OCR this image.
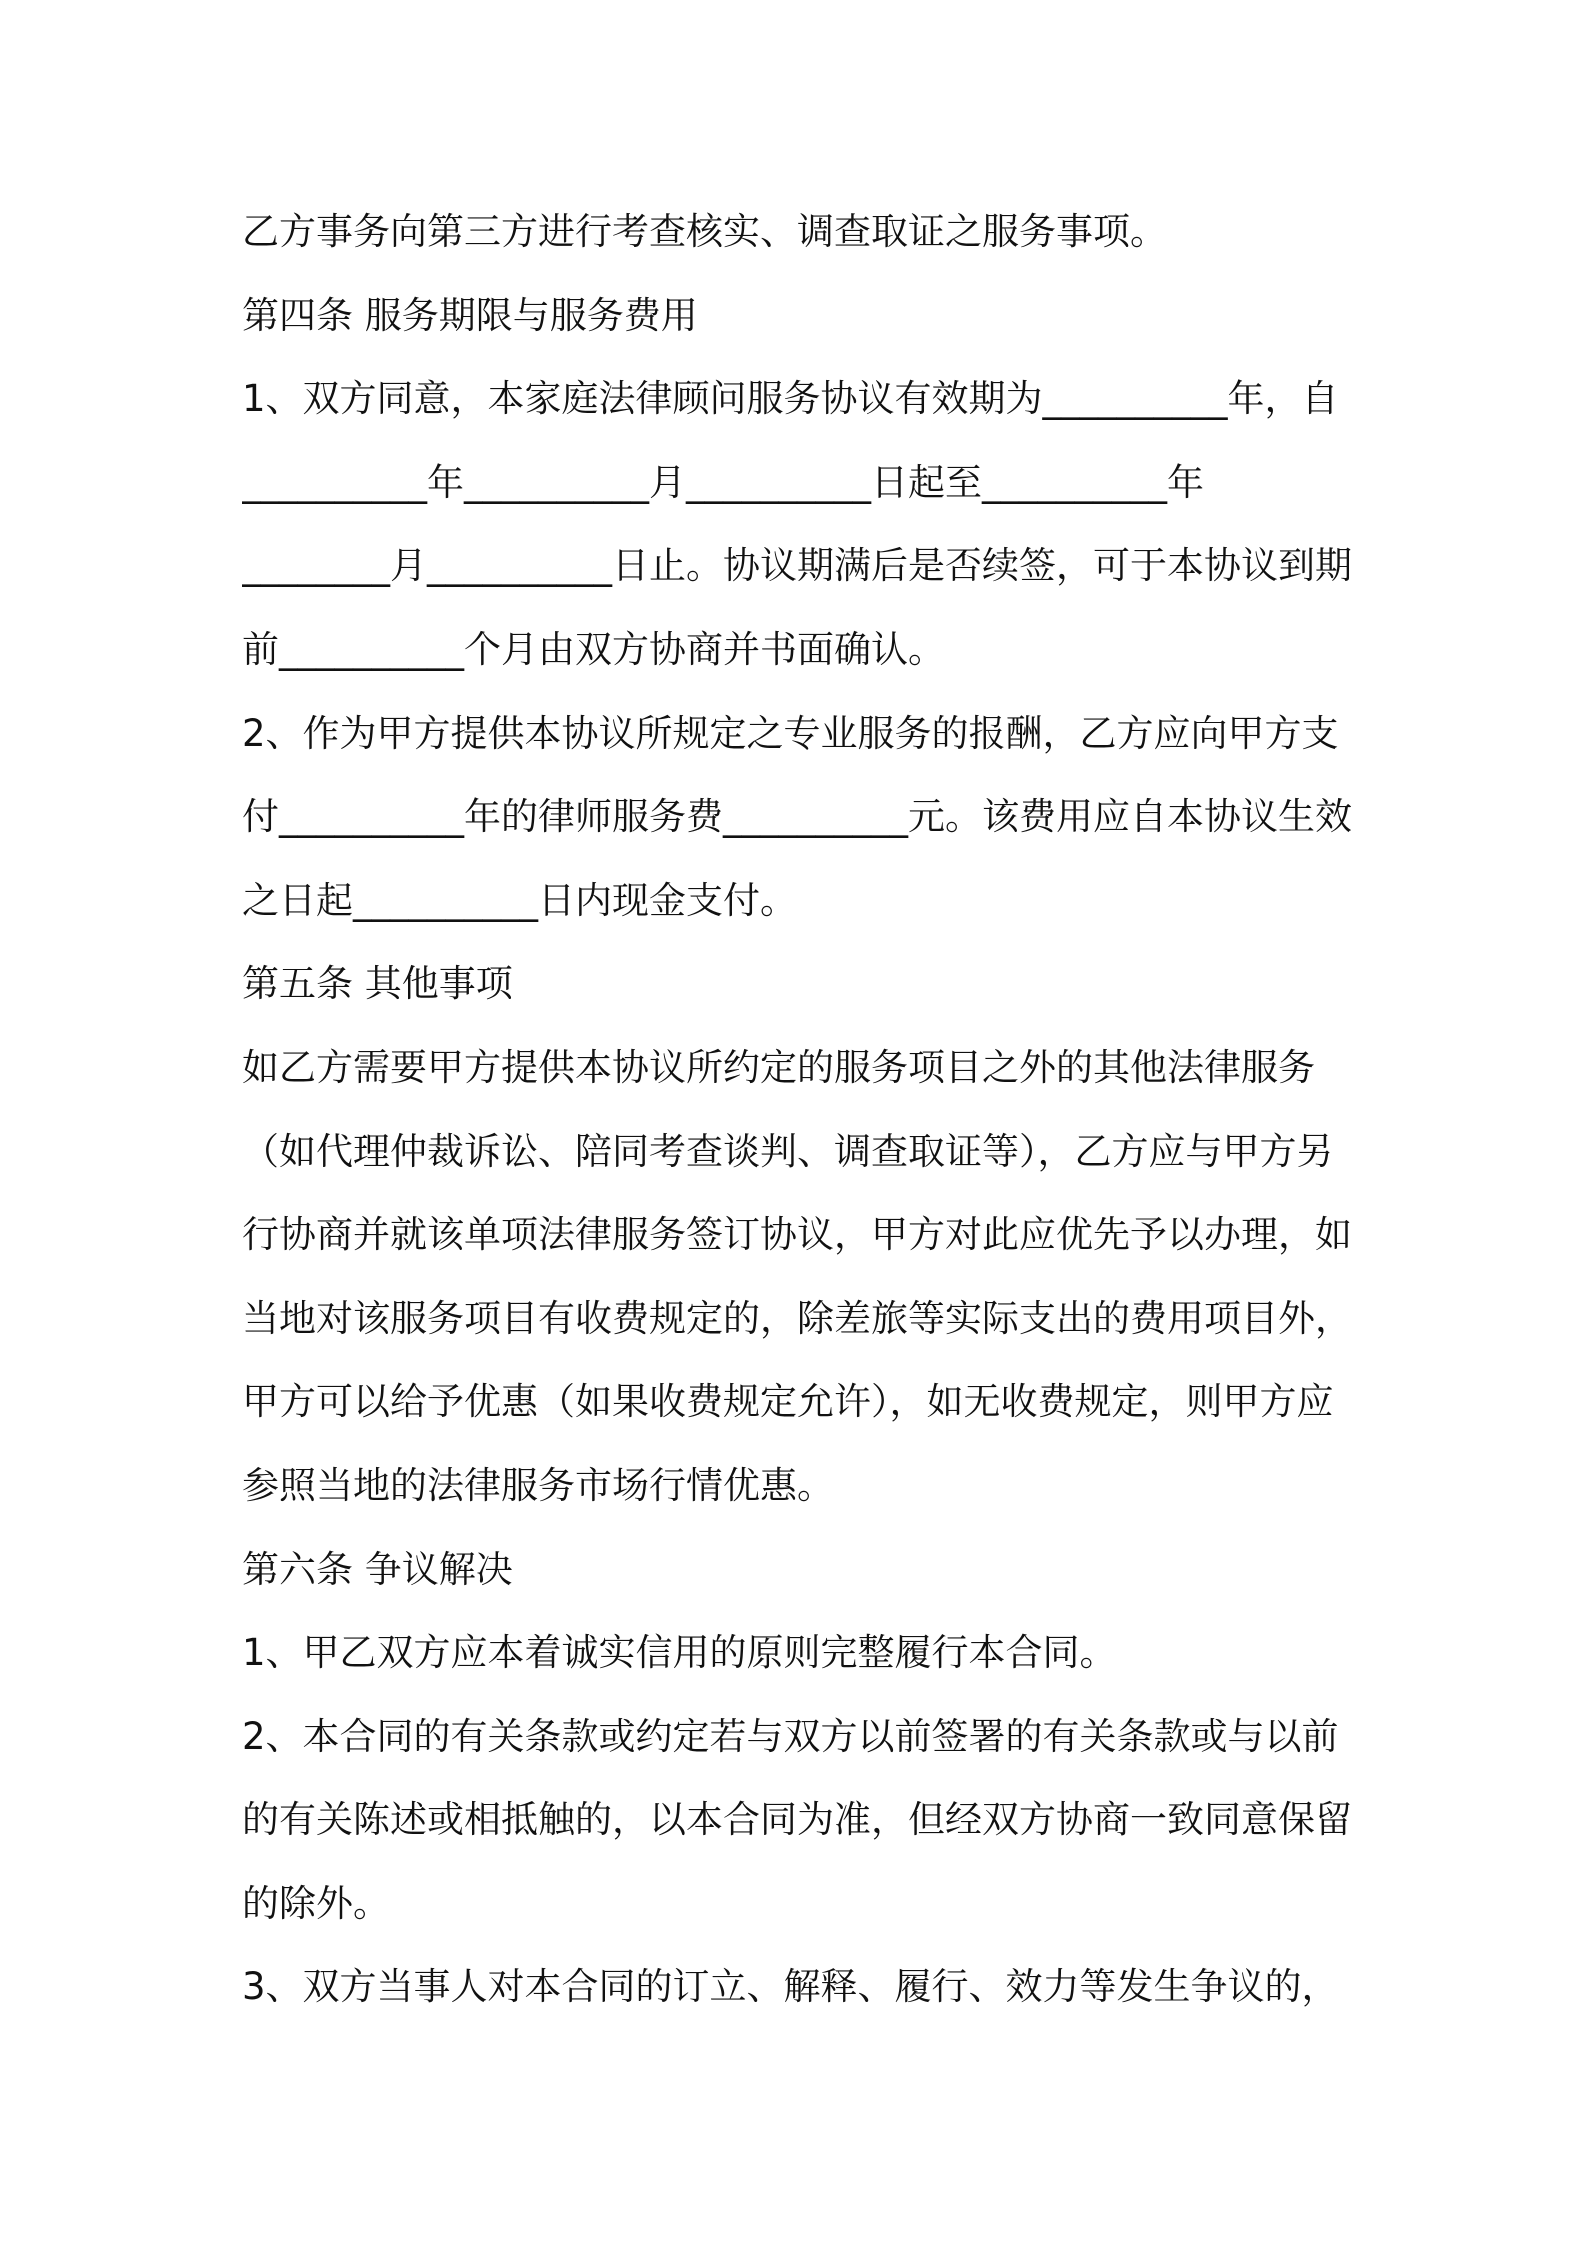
乙方事务向第三方进行考查核实、调查取证之服务事项。
第四条 服务期限与服务费用
1、双方同意，本家庭法律顾问服务协议有效期为__________年，自
__________年__________月__________日起至__________年
________月__________日止。协议期满后是否续签，可于本协议到期
前__________个月由双方协商并书面确认。
2、作为甲方提供本协议所规定之专业服务的报酬，乙方应向甲方支
付__________年的律师服务费__________元。该费用应自本协议生效
之日起__________日内现金支付。
第五条 其他事项
如乙方需要甲方提供本协议所约定的服务项目之外的其他法律服务
（如代理仲裁诉讼、陪同考查谈判、调查取证等），乙方应与甲方另
行协商并就该单项法律服务签订协议，甲方对此应优先予以办理，如
当地对该服务项目有收费规定的，除差旅等实际支出的费用项目外，
甲方可以给予优惠（如果收费规定允许），如无收费规定，则甲方应
参照当地的法律服务市场行情优惠。
第六条 争议解决
1、甲乙双方应本着诚实信用的原则完整履行本合同。
2、本合同的有关条款或约定若与双方以前签署的有关条款或与以前
的有关陈述或相抵触的，以本合同为准，但经双方协商一致同意保留
的除外。
3、双方当事人对本合同的订立、解释、履行、效力等发生争议的，
